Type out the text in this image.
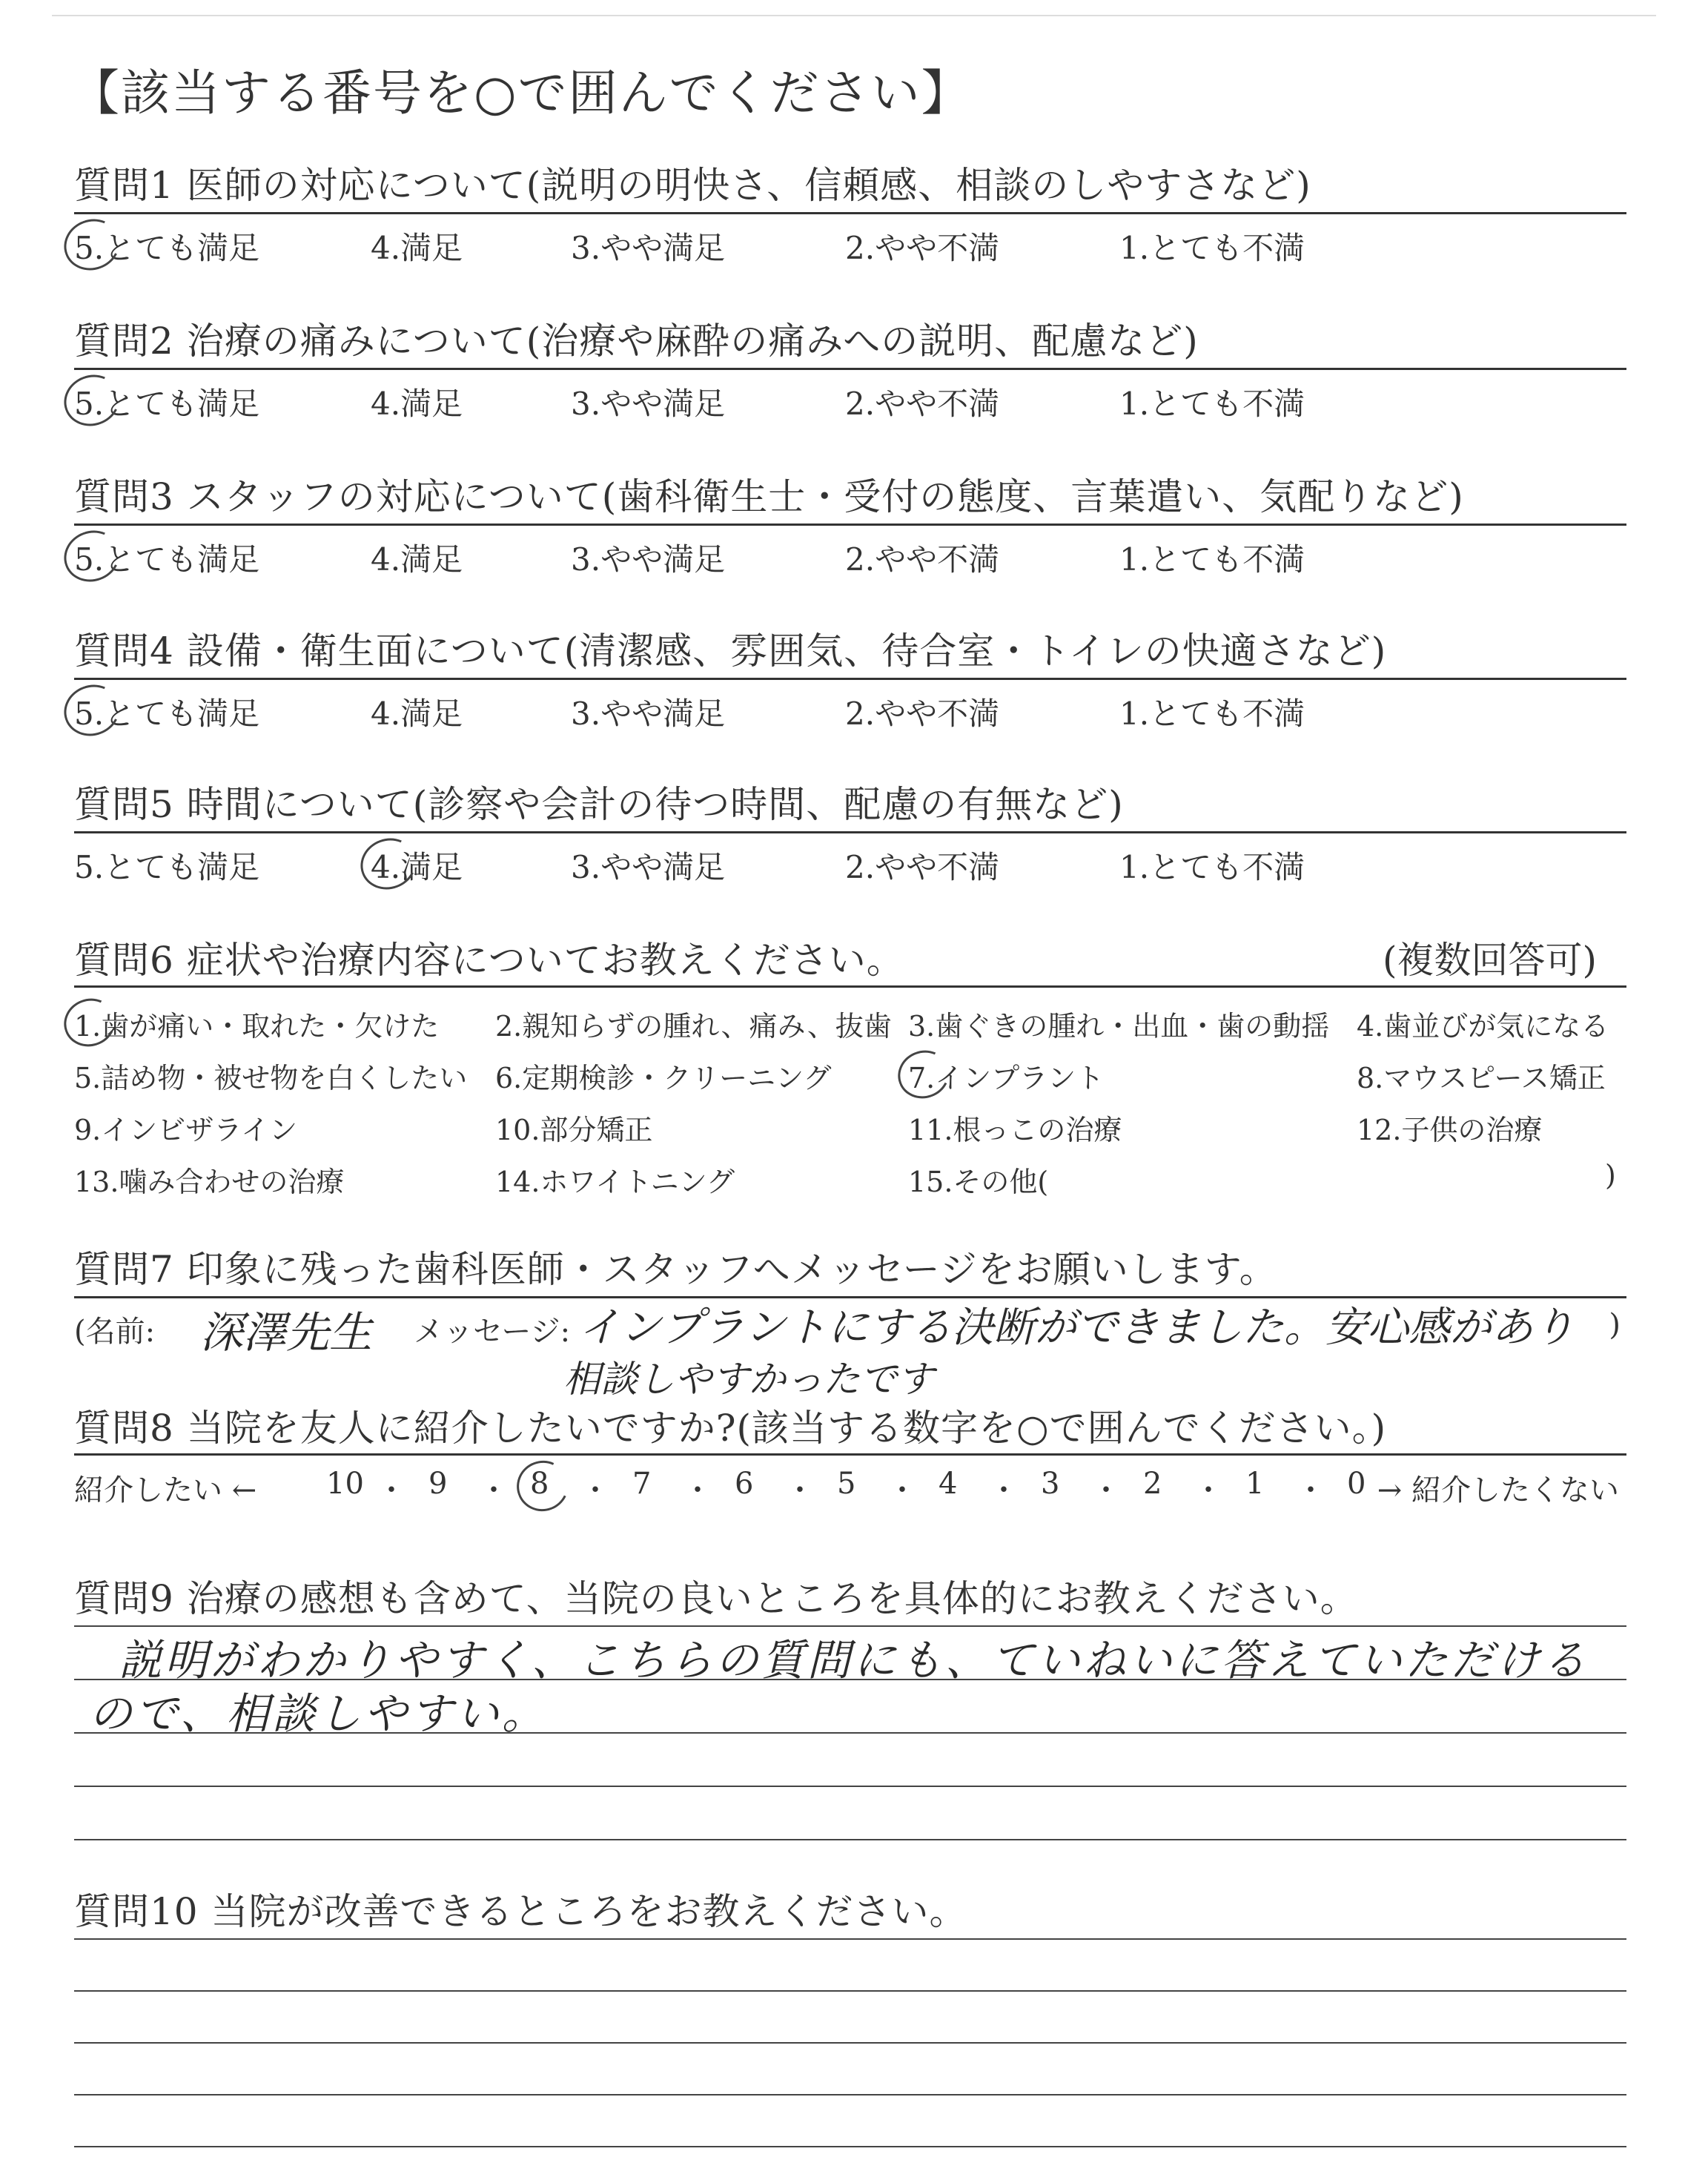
【該当する番号を○で囲んでください】
質問1 医師の対応について(説明の明快さ、信頼感、相談のしやすさなど)
5.とても満足	4.満足	3.やや満足	2.やや不満	1.とても不満
質問2 治療の痛みについて(治療や麻酔の痛みへの説明、配慮など)
5.とても満足	4.満足	3.やや満足	2.やや不満	1.とても不満
質問3 スタッフの対応について(歯科衛生士・受付の態度、言葉遣い、気配りなど)
5.とても満足	4.満足	3.やや満足	2.やや不満	1.とても不満
質問4 設備・衛生面について(清潔感、雰囲気、待合室・トイレの快適さなど)
5.とても満足	4.満足	3.やや満足	2.やや不満	1.とても不満
質問5 時間について(診察や会計の待つ時間、配慮の有無など)
5.とても満足	4.満足	3.やや満足	2.やや不満	1.とても不満
質問6 症状や治療内容についてお教えください。	(複数回答可)
1.歯が痛い・取れた・欠けた 2.親知らずの腫れ、痛み、抜歯 3.歯ぐきの腫れ・出血・歯の動揺 4.歯並びが気になる
5.詰め物・被せ物を白くしたい 6.定期検診・クリーニング	7.インプラント	8.マウスピース矯正
9.インビザライン	10.部分矯正	11.根っこの治療	12.子供の治療
13.噛み合わせの治療	14.ホワイトニング	15.その他(	)
質問7 印象に残った歯科医師・スタッフへメッセージをお願いします。
(名前: 深澤先生 メッセージ: インプラントにする決断ができました。安心感があり
相談しやすかったです
)
質問8 当院を友人に紹介したいですか?(該当する数字を○で囲んでください。)
紹介したい ← 10 ・ 9 ・ 8 ・ 7 ・ 6 ・ 5 ・ 4 ・ 3 ・ 2 ・ 1 ・ 0 → 紹介したくない
質問9 治療の感想も含めて、当院の良いところを具体的にお教えください。
説明がわかりやすく、こちらの質問にも、ていねいに答えていただける
ので、相談しやすい。
質問10 当院が改善できるところをお教えください。
